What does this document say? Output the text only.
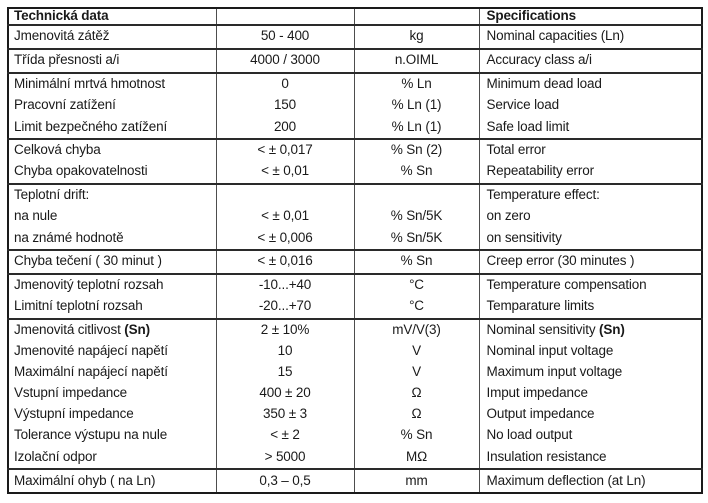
Technická data			Specifications
Jmenovitá zátěž	50 - 400	kg	Nominal capacities (Ln)
Třída přesnosti a/i	4000 / 3000	n.OIML	Accuracy class a/i
Minimální mrtvá hmotnost	0	% Ln	Minimum dead load
Pracovní zatížení	150	% Ln (1)	Service load
Limit bezpečného zatížení	200	% Ln (1)	Safe load limit
Celková chyba	< ± 0,017	% Sn (2)	Total error
Chyba opakovatelnosti	< ± 0,01	% Sn	Repeatability error
Teplotní drift:			Temperature effect:
na nule	< ± 0,01	% Sn/5K	on zero
na známé hodnotě	< ± 0,006	% Sn/5K	on sensitivity
Chyba tečení ( 30 minut )	< ± 0,016	% Sn	Creep error (30 minutes )
Jmenovitý teplotní rozsah	-10...+40	°C	Temperature compensation
Limitní teplotní rozsah	-20...+70	°C	Temparature limits
Jmenovitá citlivost (Sn)	2 ± 10%	mV/V(3)	Nominal sensitivity (Sn)
Jmenovité napájecí napětí	10	V	Nominal input voltage
Maximální napájecí napětí	15	V	Maximum input voltage
Vstupní impedance	400 ± 20	Ω	Imput impedance
Výstupní impedance	350 ± 3	Ω	Output impedance
Tolerance výstupu na nule	< ± 2	% Sn	No load output
Izolační odpor	> 5000	MΩ	Insulation resistance
Maximální ohyb ( na Ln)	0,3 – 0,5	mm	Maximum deflection (at Ln)
